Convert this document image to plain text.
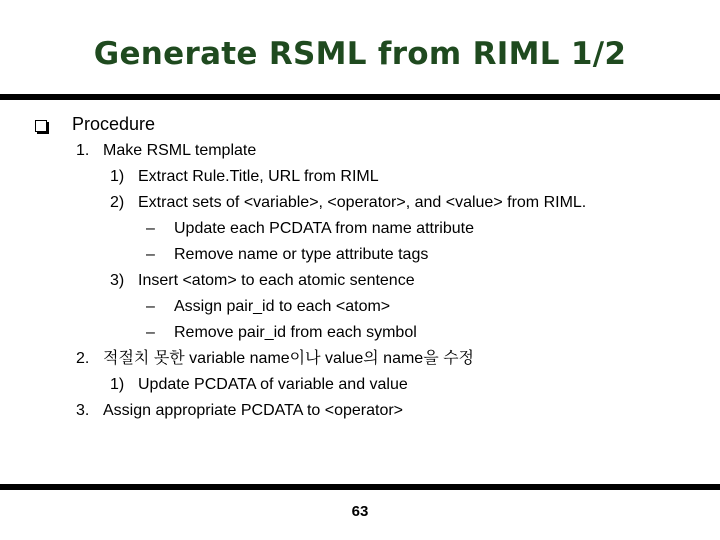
Generate RSML from RIML 1/2
Procedure
1. Make RSML template
1) Extract Rule.Title, URL from RIML
2) Extract sets of <variable>, <operator>, and <value> from RIML.
– Update each PCDATA from name attribute
– Remove name or type attribute tags
3) Insert <atom> to each atomic sentence
– Assign pair_id to each <atom>
– Remove pair_id from each symbol
2. 적절치 못한 variable name이나 value의 name을 수정
1) Update PCDATA of variable and value
3. Assign appropriate PCDATA to <operator>
63
